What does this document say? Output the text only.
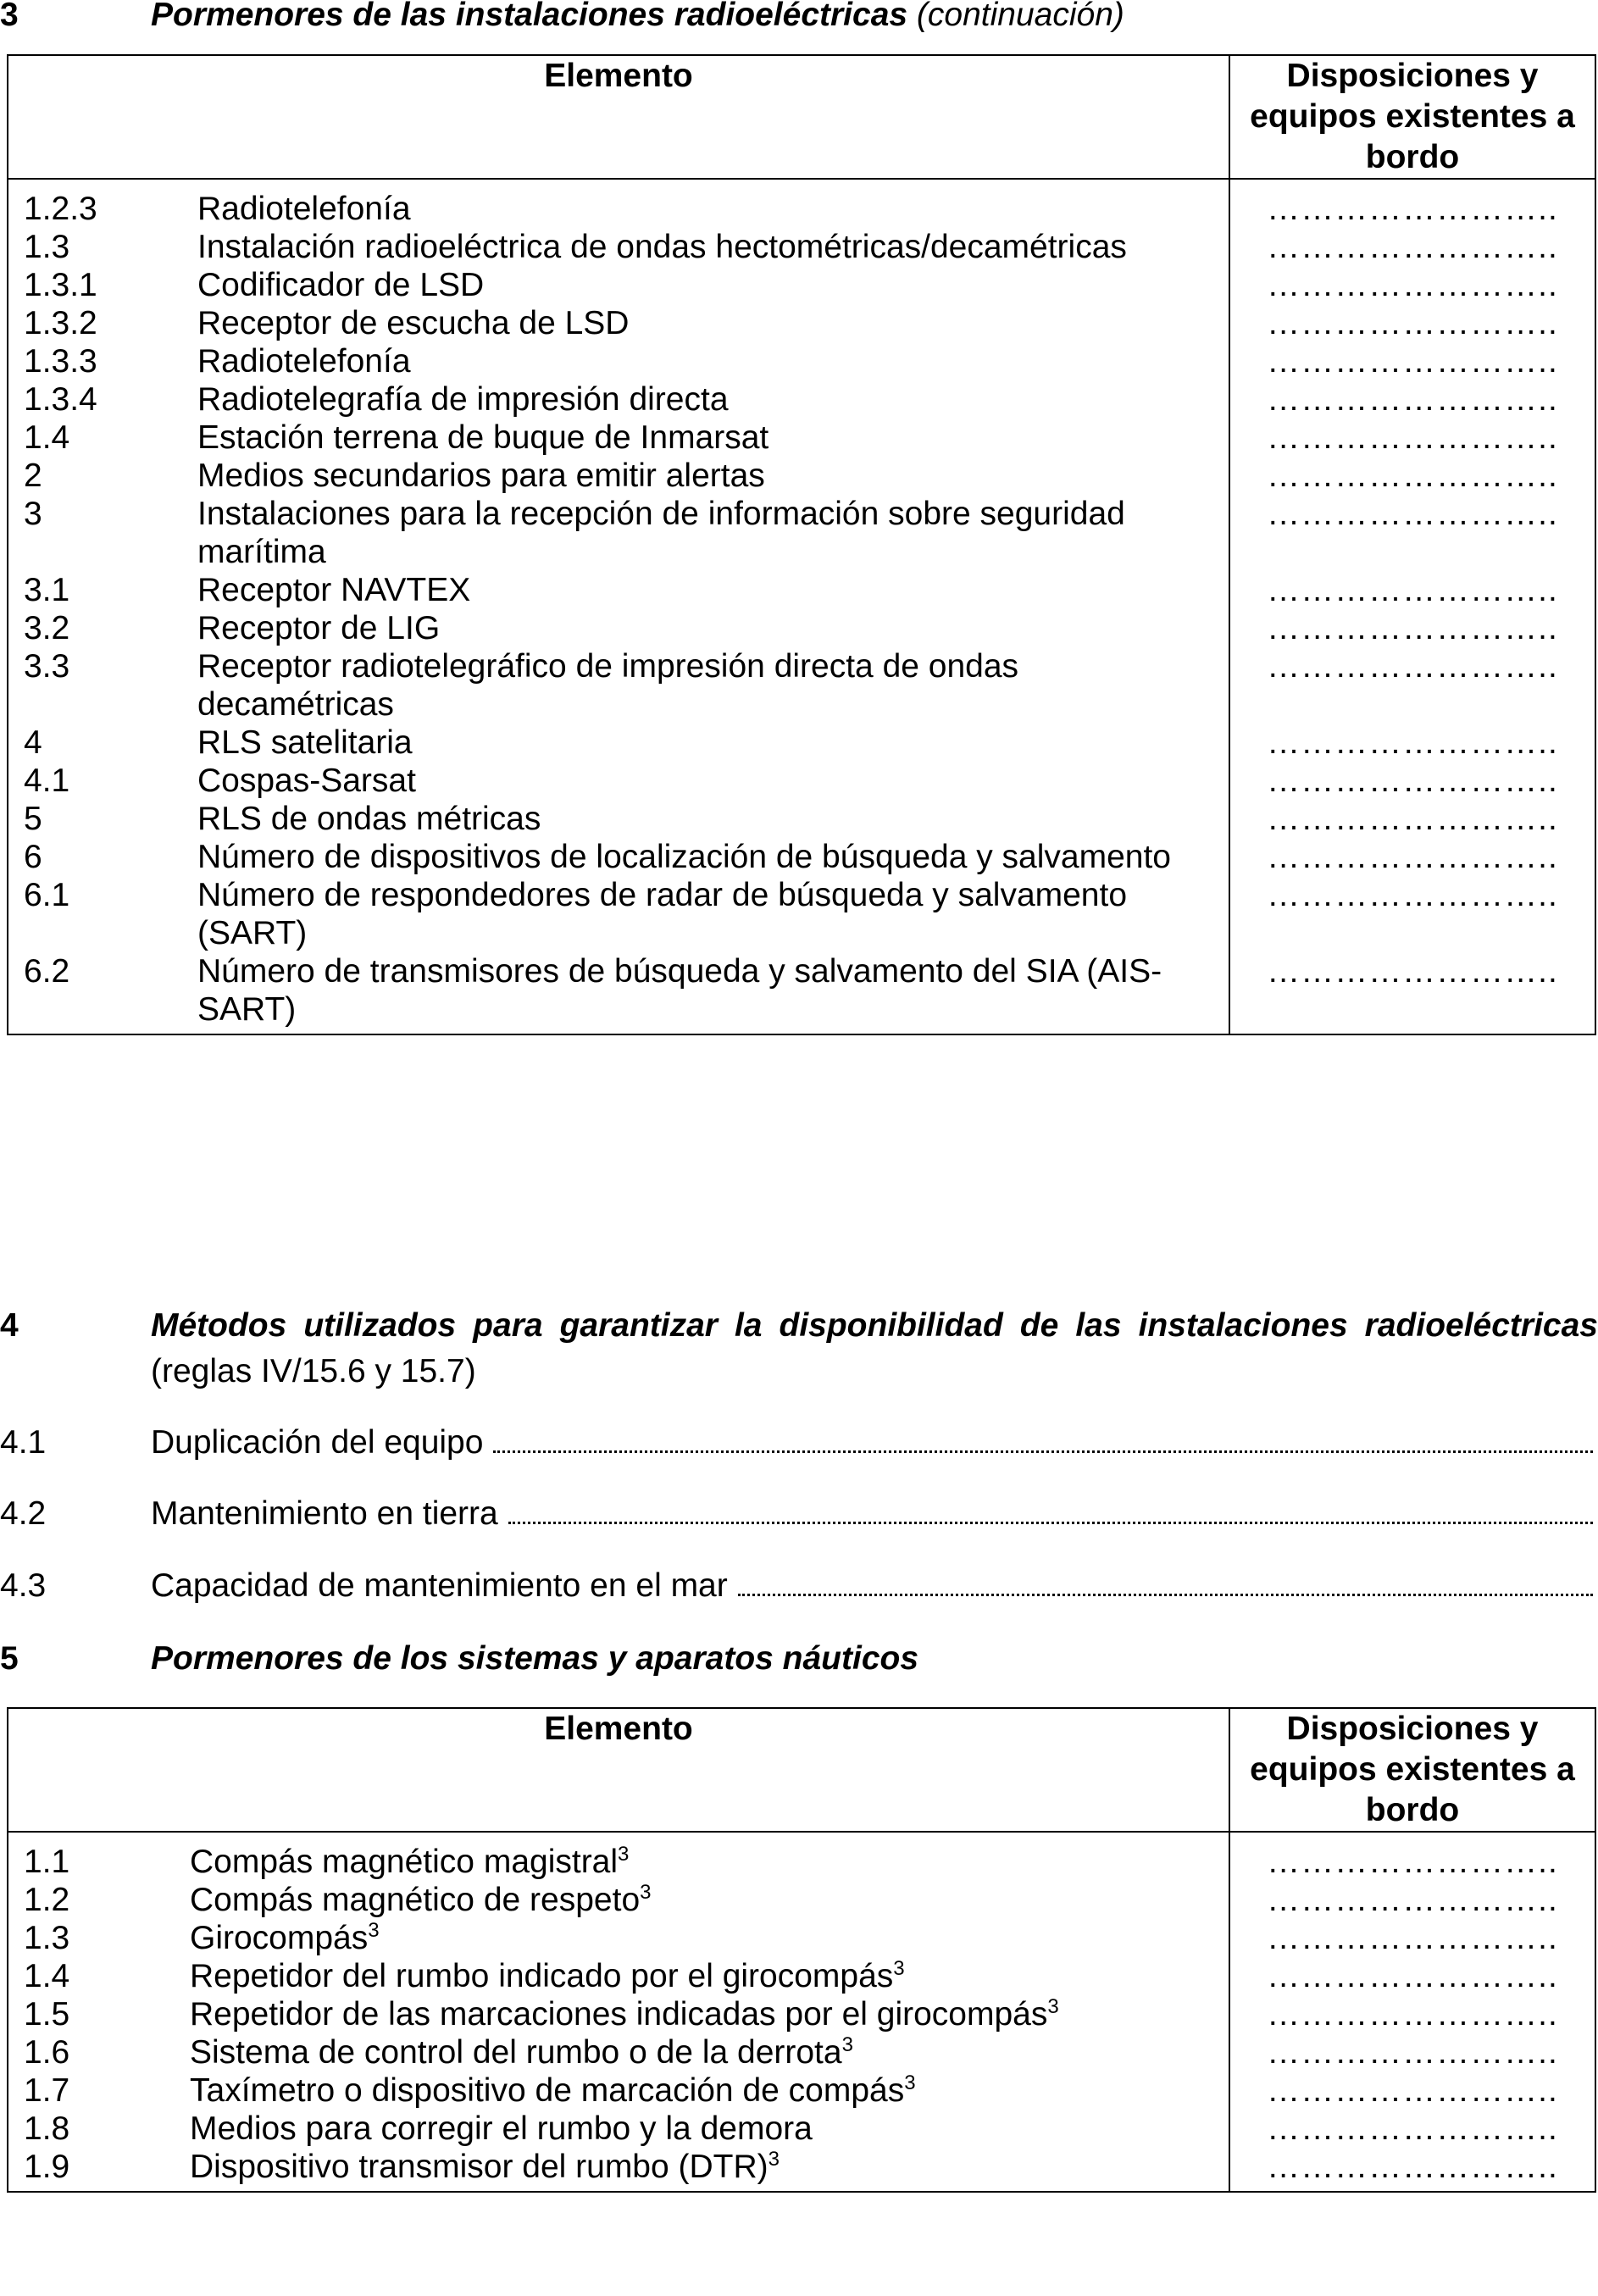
3	Pormenores de las instalaciones radioeléctricas (continuación)
Elemento	Disposiciones y equipos existentes a bordo

1.2.3 Radiotelefonía	……………………..

1.3 Instalación radioeléctrica de ondas hectométricas/decamétricas	……………………..

1.3.1 Codificador de LSD	……………………..

1.3.2 Receptor de escucha de LSD	……………………..

1.3.3 Radiotelefonía	……………………..

1.3.4 Radiotelegrafía de impresión directa	……………………..

1.4 Estación terrena de buque de Inmarsat	……………………..

2 Medios secundarios para emitir alertas	……………………..

3 Instalaciones para la recepción de información sobre seguridad marítima	……………………..

3.1 Receptor NAVTEX	……………………..

3.2 Receptor de LIG	……………………..

3.3 Receptor radiotelegráfico de impresión directa de ondas decamétricas	……………………..

4 RLS satelitaria	……………………..

4.1 Cospas-Sarsat	……………………..

5 RLS de ondas métricas	……………………..

6 Número de dispositivos de localización de búsqueda y salvamento	……………………..

6.1 Número de respondedores de radar de búsqueda y salvamento (SART)	……………………..

6.2 Número de transmisores de búsqueda y salvamento del SIA (AIS-SART)	……………………..
4	Métodos utilizados para garantizar la disponibilidad de las instalaciones radioeléctricas (reglas IV/15.6 y 15.7)
4.1	Duplicación del equipo
4.2	Mantenimiento en tierra
4.3	Capacidad de mantenimiento en el mar
5	Pormenores de los sistemas y aparatos náuticos
Elemento	Disposiciones y equipos existentes a bordo

1.1 Compás magnético magistral$^3$	……………………..

1.2 Compás magnético de respeto$^3$	……………………..

1.3 Girocompás$^3$	……………………..

1.4 Repetidor del rumbo indicado por el girocompás$^3$	……………………..

1.5 Repetidor de las marcaciones indicadas por el girocompás$^3$	……………………..

1.6 Sistema de control del rumbo o de la derrota$^3$	……………………..

1.7 Taxímetro o dispositivo de marcación de compás$^3$	……………………..

1.8 Medios para corregir el rumbo y la demora	……………………..

1.9 Dispositivo transmisor del rumbo (DTR)$^3$	……………………..
